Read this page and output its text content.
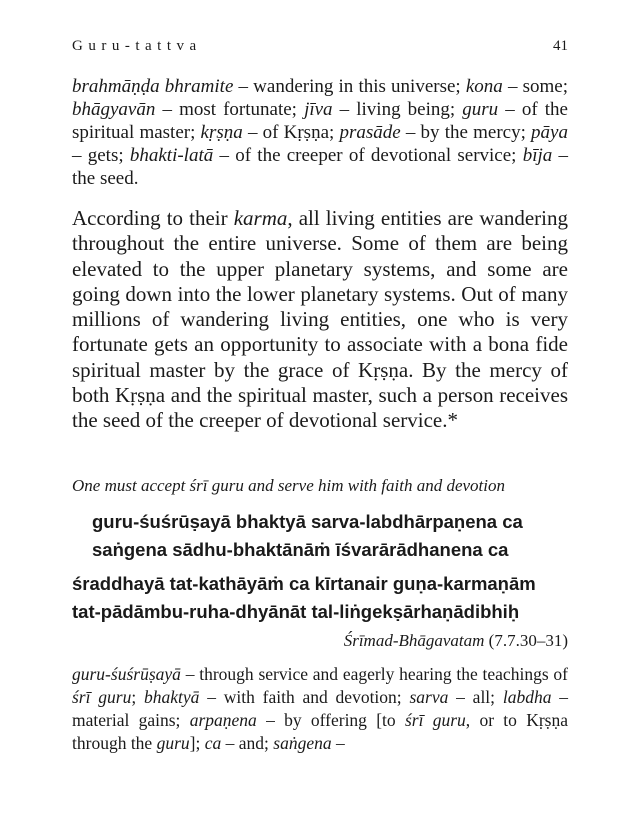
Guru-tattva	41
brahmāṇḍa bhramite – wandering in this universe; kona – some; bhāgyavān – most fortunate; jīva – living being; guru – of the spiritual master; kṛṣṇa – of Kṛṣṇa; prasāde – by the mercy; pāya – gets; bhakti-latā – of the creeper of devotional service; bīja – the seed.
According to their karma, all living entities are wandering throughout the entire universe. Some of them are being elevated to the upper planetary systems, and some are going down into the lower planetary systems. Out of many millions of wandering living entities, one who is very fortunate gets an opportunity to associate with a bona fide spiritual master by the grace of Kṛṣṇa. By the mercy of both Kṛṣṇa and the spiritual master, such a person receives the seed of the creeper of devotional service.*
One must accept śrī guru and serve him with faith and devotion
guru-śuśrūṣayā bhaktyā sarva-labdhārpaṇena ca
saṅgena sādhu-bhaktānāṁ īśvarārādhanena ca
śraddhayā tat-kathāyāṁ ca kīrtanair guṇa-karmaṇām
tat-pādāmbu-ruha-dhyānāt tal-liṅgekṣārhaṇādibhiḥ
Śrīmad-Bhāgavatam (7.7.30–31)
guru-śuśrūṣayā – through service and eagerly hearing the teachings of śrī guru; bhaktyā – with faith and devotion; sarva – all; labdha – material gains; arpaṇena – by offering [to śrī guru, or to Kṛṣṇa through the guru]; ca – and; saṅgena –
